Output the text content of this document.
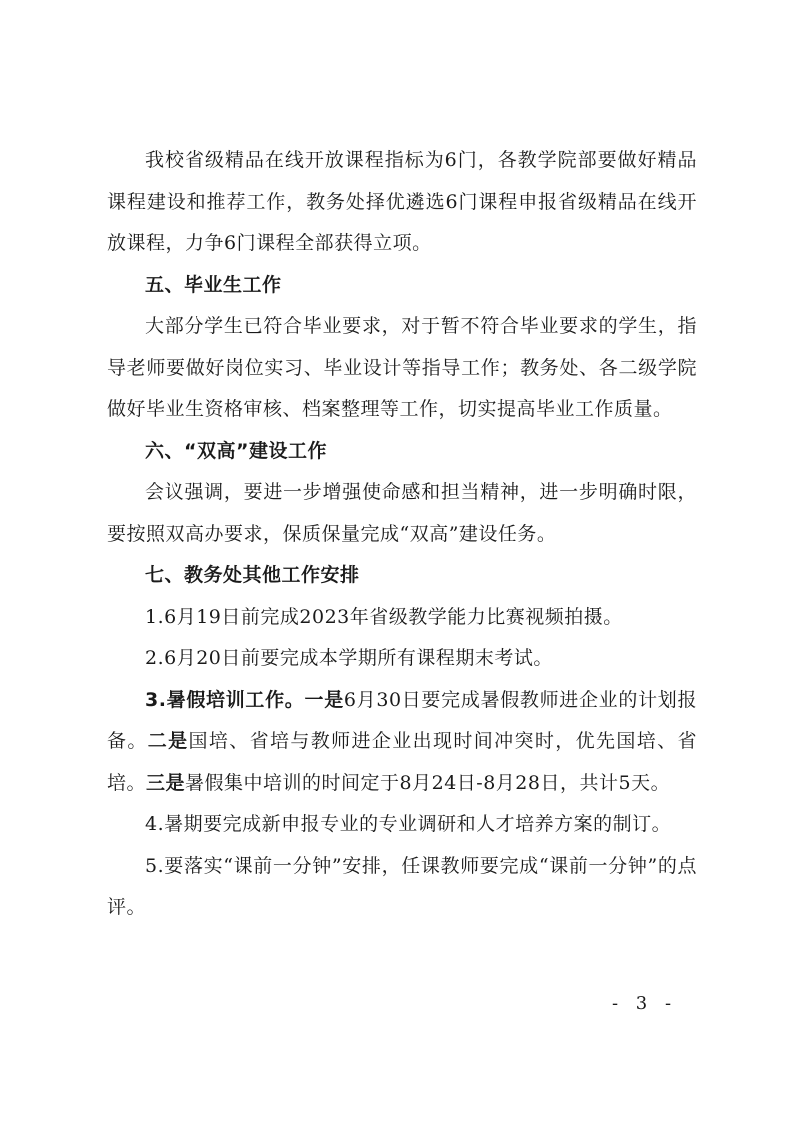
我校省级精品在线开放课程指标为6门，各教学院部要做好精品课程建设和推荐工作，教务处择优遴选6门课程申报省级精品在线开放课程，力争6门课程全部获得立项。

五、毕业生工作

大部分学生已符合毕业要求，对于暂不符合毕业要求的学生，指导老师要做好岗位实习、毕业设计等指导工作；教务处、各二级学院做好毕业生资格审核、档案整理等工作，切实提高毕业工作质量。

六、“双高”建设工作

会议强调，要进一步增强使命感和担当精神，进一步明确时限，要按照双高办要求，保质保量完成“双高”建设任务。

七、教务处其他工作安排

1.6月19日前完成2023年省级教学能力比赛视频拍摄。

2.6月20日前要完成本学期所有课程期末考试。

3.暑假培训工作。一是6月30日要完成暑假教师进企业的计划报备。二是国培、省培与教师进企业出现时间冲突时，优先国培、省培。三是暑假集中培训的时间定于8月24日-8月28日，共计5天。

4.暑期要完成新申报专业的专业调研和人才培养方案的制订。

5.要落实“课前一分钟”安排，任课教师要完成“课前一分钟”的点评。

- 3 -
